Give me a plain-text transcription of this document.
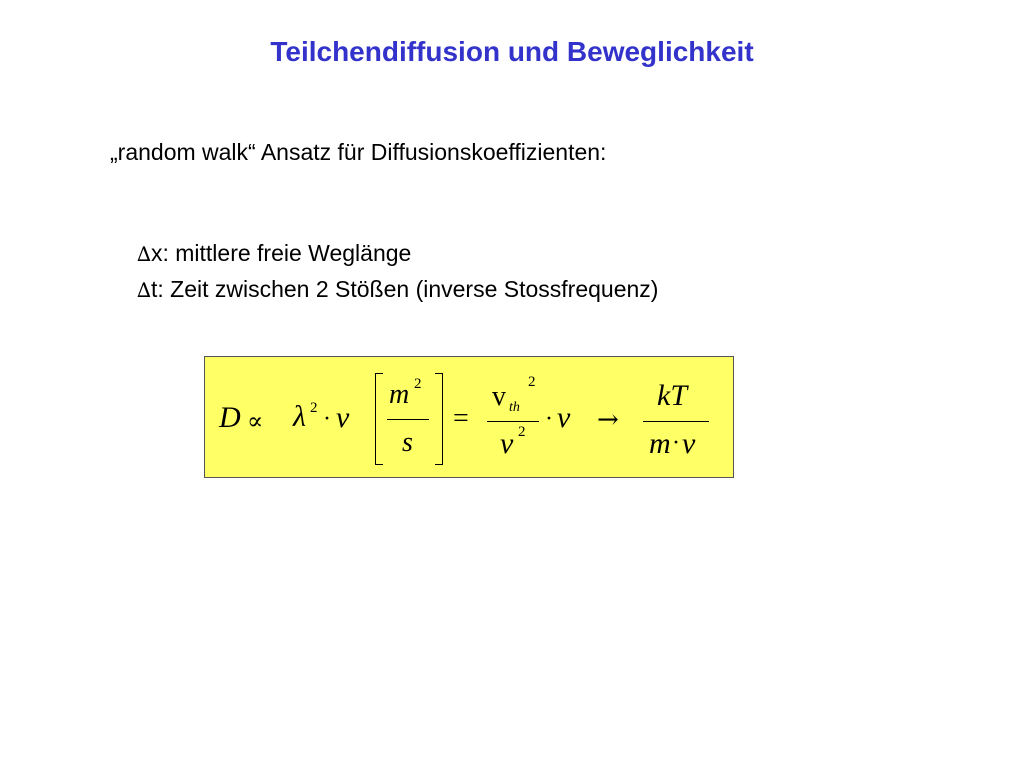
Teilchendiffusion und Beweglichkeit
„random walk“ Ansatz für Diffusionskoeffizienten:
∆x: mittlere freie Weglänge
∆t: Zeit zwischen 2 Stößen (inverse Stossfrequenz)
D ∝ λ 2 · ν
m 2
s
=
v th
2
ν 2 · ν →
kT
m · ν
